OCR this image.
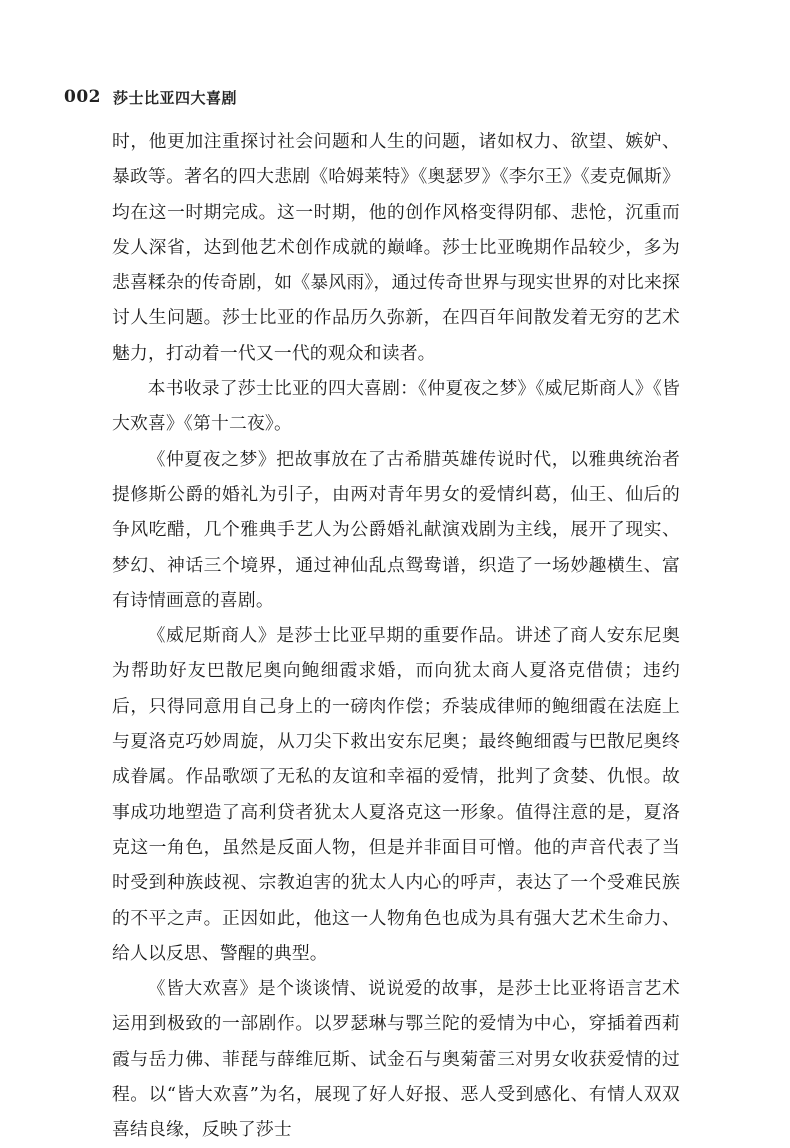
002 莎士比亚四大喜剧

时，他更加注重探讨社会问题和人生的问题，诸如权力、欲望、嫉妒、暴政等。著名的四大悲剧《哈姆莱特》《奥瑟罗》《李尔王》《麦克佩斯》均在这一时期完成。这一时期，他的创作风格变得阴郁、悲怆，沉重而发人深省，达到他艺术创作成就的巅峰。莎士比亚晚期作品较少，多为悲喜糅杂的传奇剧，如《暴风雨》，通过传奇世界与现实世界的对比来探讨人生问题。莎士比亚的作品历久弥新，在四百年间散发着无穷的艺术魅力，打动着一代又一代的观众和读者。

本书收录了莎士比亚的四大喜剧：《仲夏夜之梦》《威尼斯商人》《皆大欢喜》《第十二夜》。

《仲夏夜之梦》把故事放在了古希腊英雄传说时代，以雅典统治者提修斯公爵的婚礼为引子，由两对青年男女的爱情纠葛，仙王、仙后的争风吃醋，几个雅典手艺人为公爵婚礼献演戏剧为主线，展开了现实、梦幻、神话三个境界，通过神仙乱点鸳鸯谱，织造了一场妙趣横生、富有诗情画意的喜剧。

《威尼斯商人》是莎士比亚早期的重要作品。讲述了商人安东尼奥为帮助好友巴散尼奥向鲍细霞求婚，而向犹太商人夏洛克借债；违约后，只得同意用自己身上的一磅肉作偿；乔装成律师的鲍细霞在法庭上与夏洛克巧妙周旋，从刀尖下救出安东尼奥；最终鲍细霞与巴散尼奥终成眷属。作品歌颂了无私的友谊和幸福的爱情，批判了贪婪、仇恨。故事成功地塑造了高利贷者犹太人夏洛克这一形象。值得注意的是，夏洛克这一角色，虽然是反面人物，但是并非面目可憎。他的声音代表了当时受到种族歧视、宗教迫害的犹太人内心的呼声，表达了一个受难民族的不平之声。正因如此，他这一人物角色也成为具有强大艺术生命力、给人以反思、警醒的典型。

《皆大欢喜》是个谈谈情、说说爱的故事，是莎士比亚将语言艺术运用到极致的一部剧作。以罗瑟琳与鄂兰陀的爱情为中心，穿插着西莉霞与岳力佛、菲琵与薛维厄斯、试金石与奥菊蕾三对男女收获爱情的过程。以“皆大欢喜”为名，展现了好人好报、恶人受到感化、有情人双双喜结良缘，反映了莎士
